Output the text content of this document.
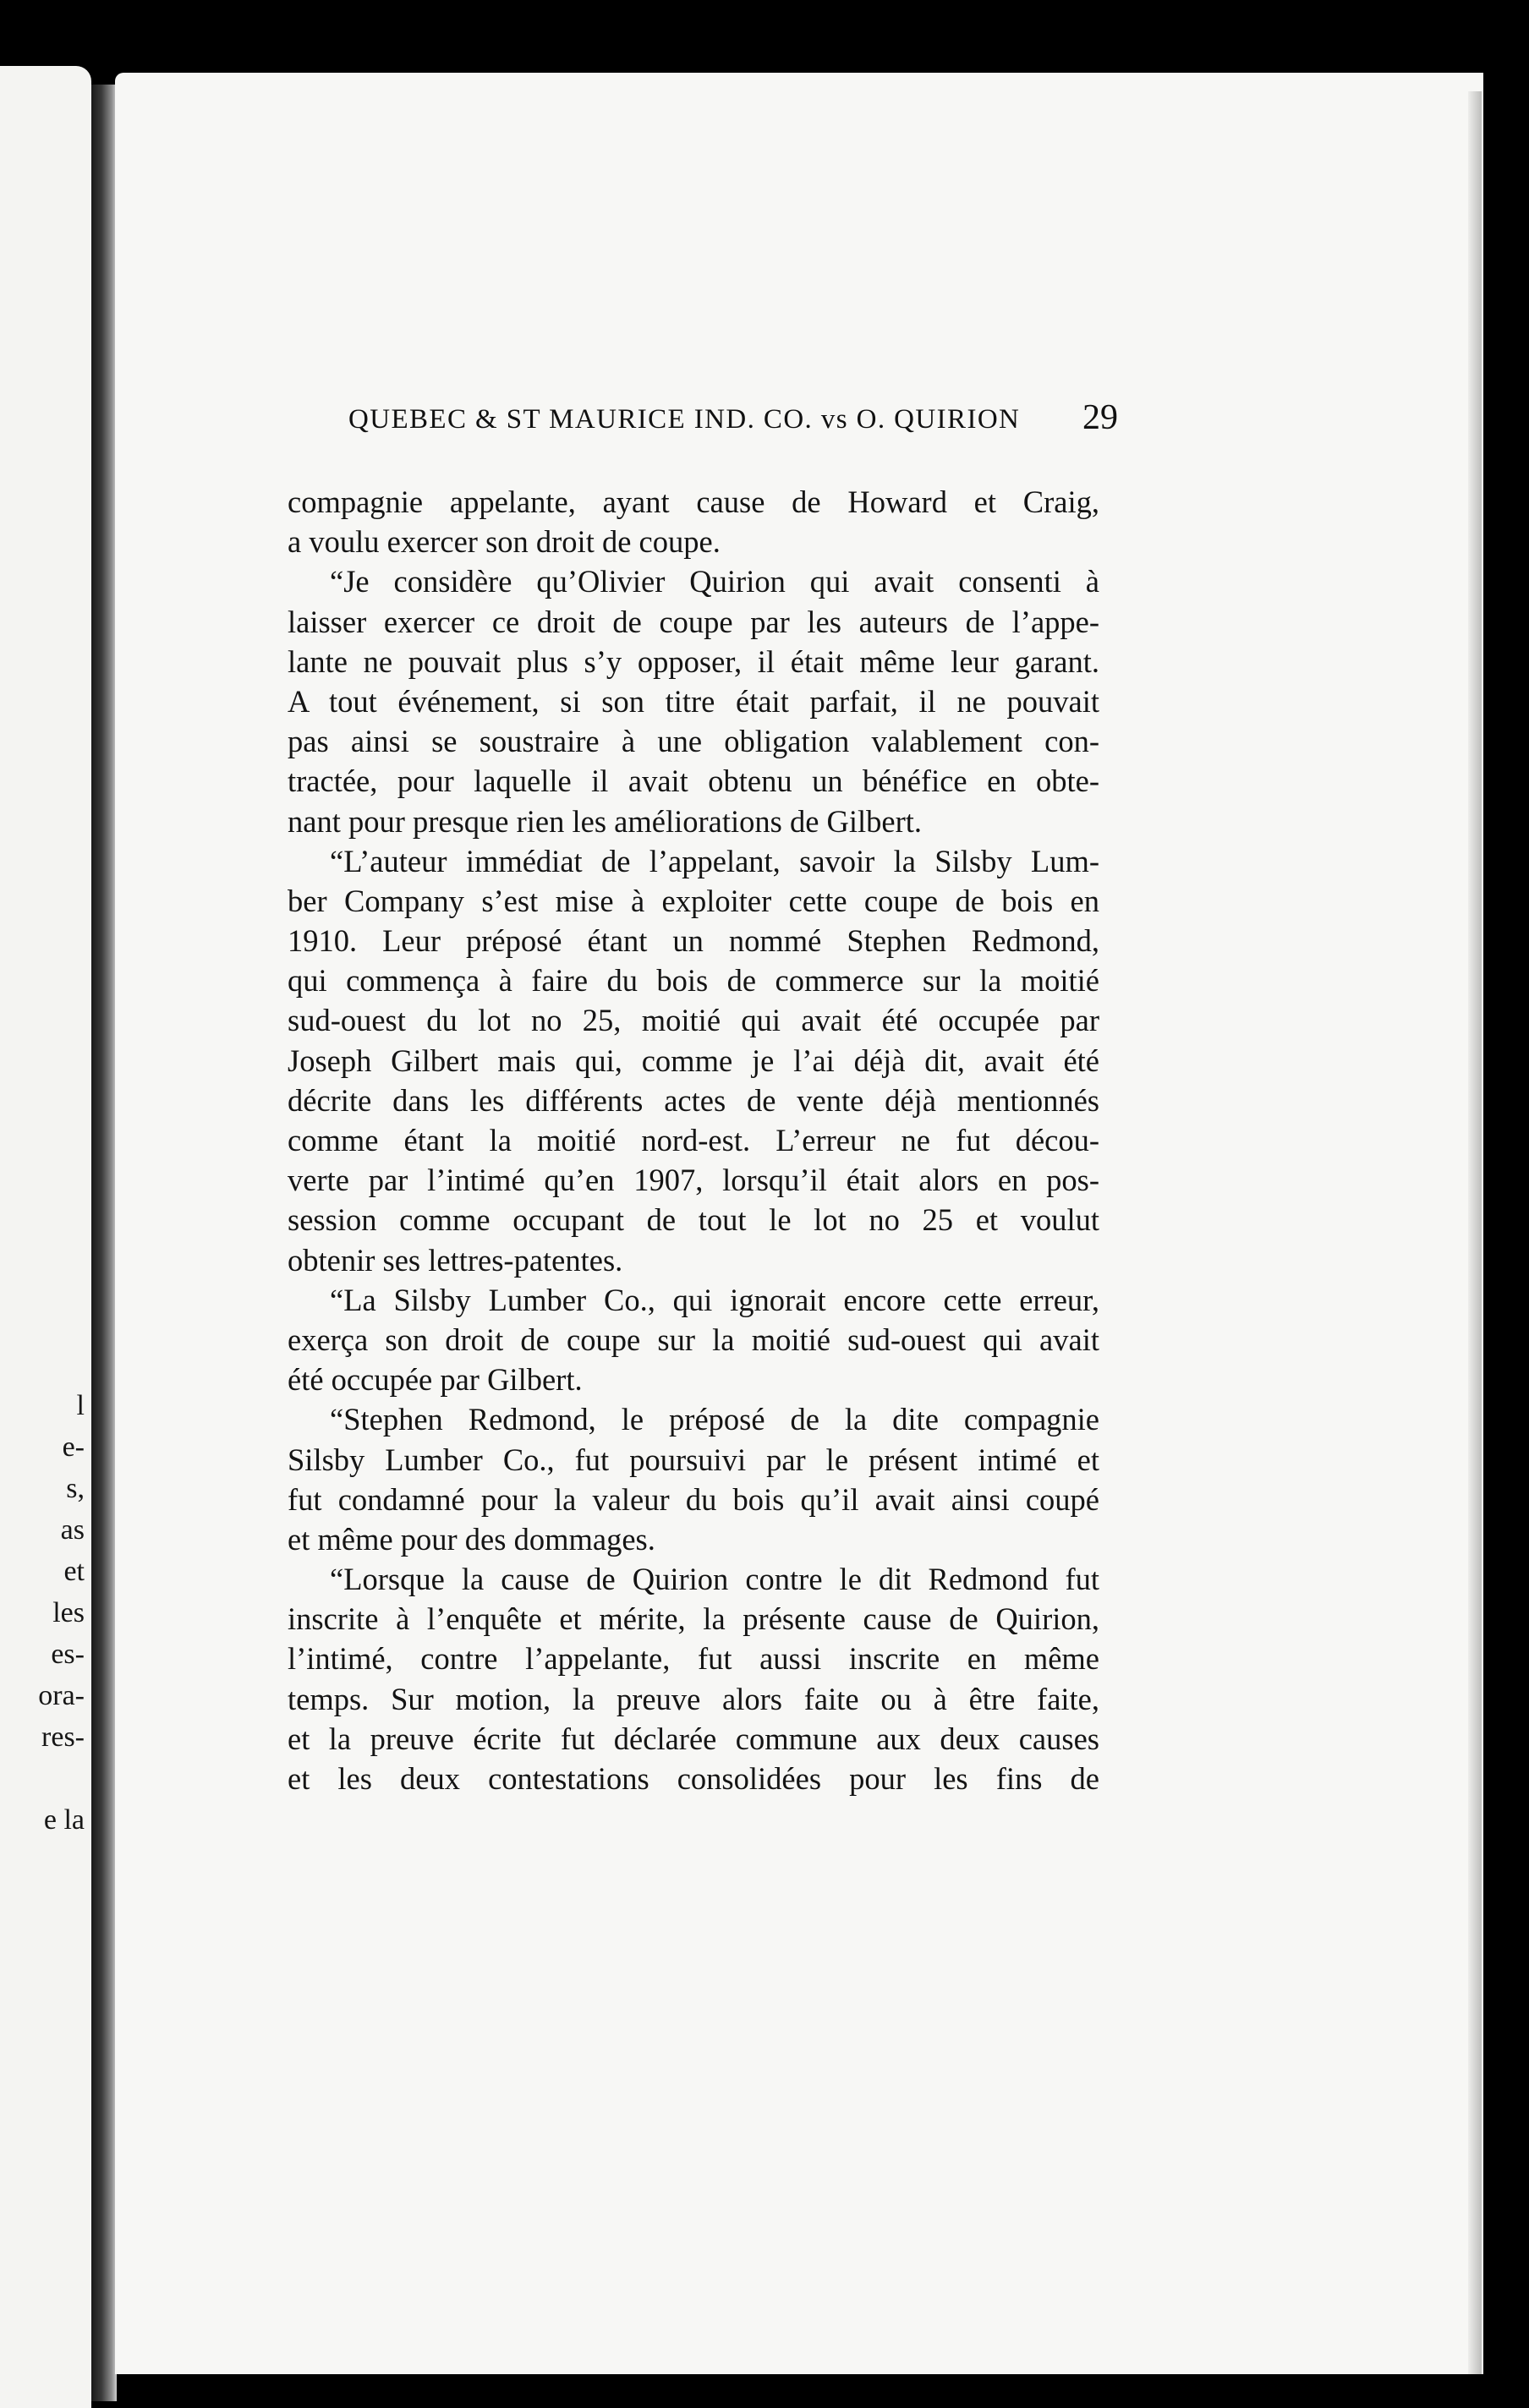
l
e-
s,
as
et
les
es-
ora-
res-

e la
QUEBEC & ST MAURICE IND. CO. vs O. QUIRION	29
compagnie appelante, ayant cause de Howard et Craig,
a voulu exercer son droit de coupe.
“Je considère qu’Olivier Quirion qui avait consenti à
laisser exercer ce droit de coupe par les auteurs de l’appe-
lante ne pouvait plus s’y opposer, il était même leur garant.
A tout événement, si son titre était parfait, il ne pouvait
pas ainsi se soustraire à une obligation valablement con-
tractée, pour laquelle il avait obtenu un bénéfice en obte-
nant pour presque rien les améliorations de Gilbert.
“L’auteur immédiat de l’appelant, savoir la Silsby Lum-
ber Company s’est mise à exploiter cette coupe de bois en
1910. Leur préposé étant un nommé Stephen Redmond,
qui commença à faire du bois de commerce sur la moitié
sud-ouest du lot no 25, moitié qui avait été occupée par
Joseph Gilbert mais qui, comme je l’ai déjà dit, avait été
décrite dans les différents actes de vente déjà mentionnés
comme étant la moitié nord-est. L’erreur ne fut décou-
verte par l’intimé qu’en 1907, lorsqu’il était alors en pos-
session comme occupant de tout le lot no 25 et voulut
obtenir ses lettres-patentes.
“La Silsby Lumber Co., qui ignorait encore cette erreur,
exerça son droit de coupe sur la moitié sud-ouest qui avait
été occupée par Gilbert.
“Stephen Redmond, le préposé de la dite compagnie
Silsby Lumber Co., fut poursuivi par le présent intimé et
fut condamné pour la valeur du bois qu’il avait ainsi coupé
et même pour des dommages.
“Lorsque la cause de Quirion contre le dit Redmond fut
inscrite à l’enquête et mérite, la présente cause de Quirion,
l’intimé, contre l’appelante, fut aussi inscrite en même
temps. Sur motion, la preuve alors faite ou à être faite,
et la preuve écrite fut déclarée commune aux deux causes
et les deux contestations consolidées pour les fins de
